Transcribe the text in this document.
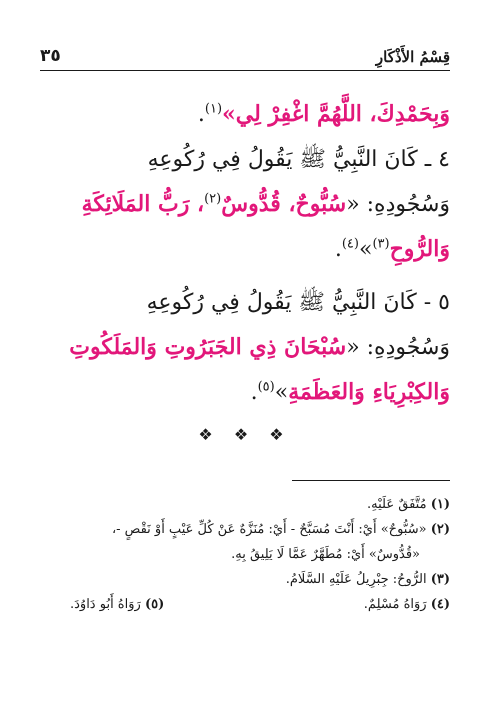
قِسْمُ الأَذْكَارِ
٣٥
وَبِحَمْدِكَ، اللَّهُمَّ اغْفِرْ لِي»$^{(١)}$.
٤ ـ كَانَ النَّبِيُّ ﷺ يَقُولُ فِي رُكُوعِهِ
وَسُجُودِهِ: «سُبُّوحٌ، قُدُّوسٌ$^{(٢)}$، رَبُّ المَلَائِكَةِ
وَالرُّوحِ$^{(٣)}$»$^{(٤)}$.
٥ - كَانَ النَّبِيُّ ﷺ يَقُولُ فِي رُكُوعِهِ
وَسُجُودِهِ: «سُبْحَانَ ذِي الجَبَرُوتِ وَالمَلَكُوتِ
وَالكِبْرِيَاءِ وَالعَظَمَةِ»$^{(٥)}$.
❖ ❖ ❖
(١) مُتَّفَقٌ عَلَيْهِ.
(٢) «سُبُّوحٌ» أَيْ: أَنْتَ مُسَبَّحٌ - أَيْ: مُنَزَّهٌ عَنْ كُلِّ عَيْبٍ أَوْ نَقْصٍ -،
«قُدُّوسٌ» أَيْ: مُطَهَّرٌ عَمَّا لَا يَلِيقُ بِهِ.
(٣) الرُّوحُ: جِبْرِيلُ عَلَيْهِ السَّلَامُ.
(٤) رَوَاهُ مُسْلِمٌ.
(٥) رَوَاهُ أَبُو دَاوُدَ.
